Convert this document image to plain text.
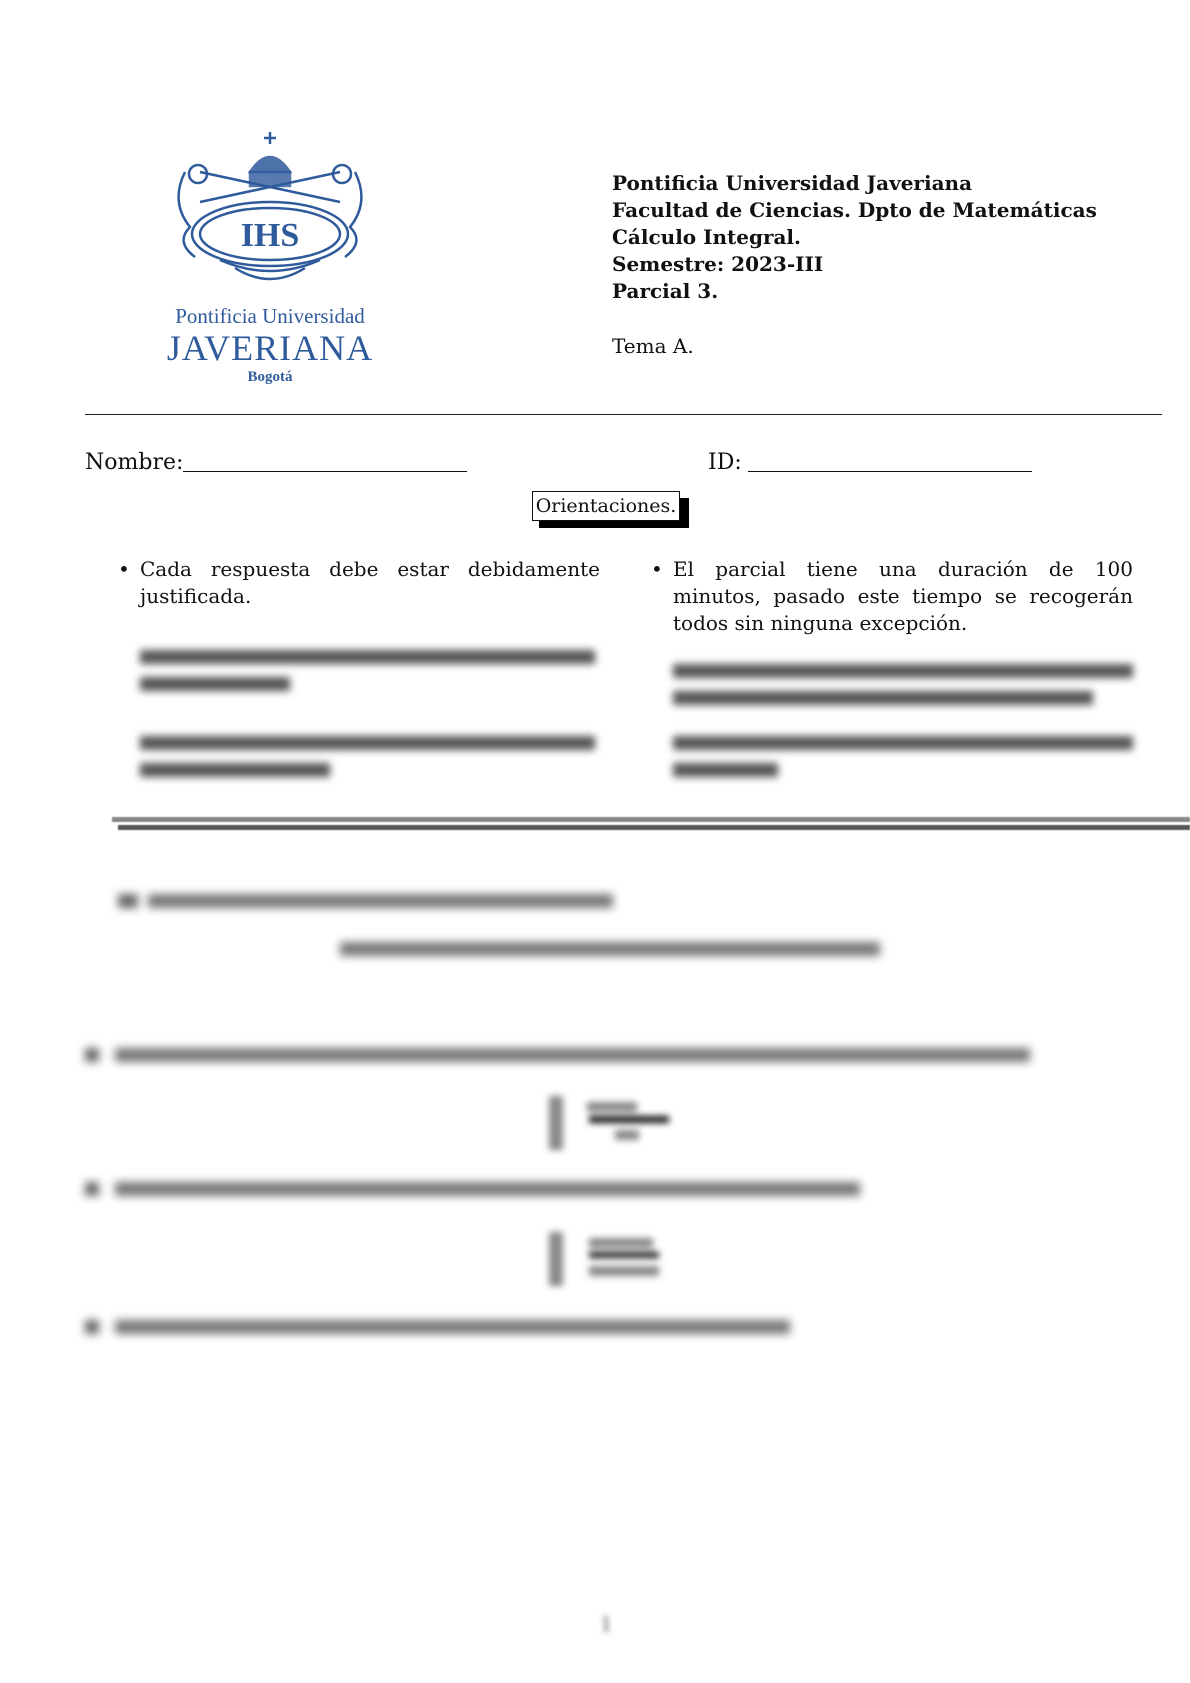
IHS
Pontificia Universidad
JAVERIANA
Bogotá
Pontificia Universidad Javeriana
Facultad de Ciencias. Dpto de Matemáticas
Cálculo Integral.
Semestre: 2023-III
Parcial 3.
Tema A.
Nombre:	ID:
Orientaciones.
• Cada respuesta debe estar debidamente justificada.
• El parcial tiene una duración de 100 minutos, pasado este tiempo se recogerán todos sin ninguna excepción.
1
